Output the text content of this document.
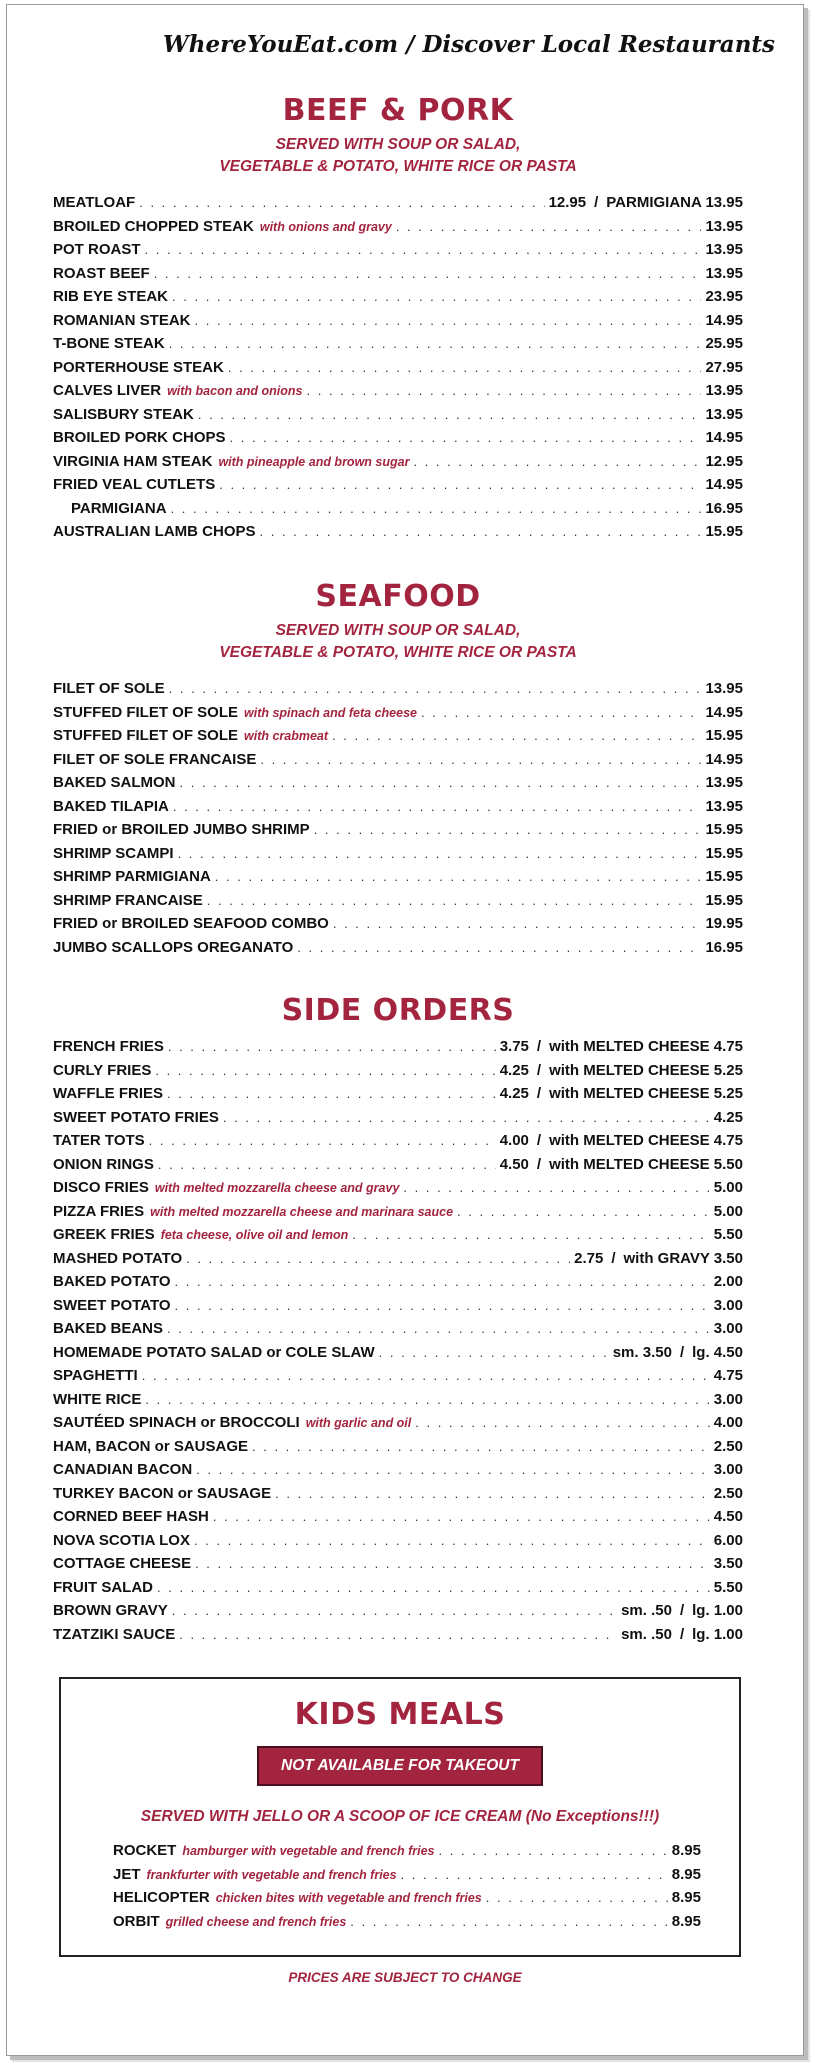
WhereYouEat.com / Discover Local Restaurants
BEEF & PORK
SERVED WITH SOUP OR SALAD,
VEGETABLE & POTATO, WHITE RICE OR PASTA
MEATLOAF . . .	12.95 / PARMIGIANA 13.95
BROILED CHOPPED STEAK with onions and gravy . . .	13.95
POT ROAST . . .	13.95
ROAST BEEF . . .	13.95
RIB EYE STEAK . . .	23.95
ROMANIAN STEAK . . .	14.95
T-BONE STEAK . . .	25.95
PORTERHOUSE STEAK . . .	27.95
CALVES LIVER with bacon and onions . . .	13.95
SALISBURY STEAK . . .	13.95
BROILED PORK CHOPS . . .	14.95
VIRGINIA HAM STEAK with pineapple and brown sugar . . .	12.95
FRIED VEAL CUTLETS . . .	14.95
PARMIGIANA . . .	16.95
AUSTRALIAN LAMB CHOPS . . .	15.95
SEAFOOD
SERVED WITH SOUP OR SALAD,
VEGETABLE & POTATO, WHITE RICE OR PASTA
FILET OF SOLE . . .	13.95
STUFFED FILET OF SOLE with spinach and feta cheese . . .	14.95
STUFFED FILET OF SOLE with crabmeat . . .	15.95
FILET OF SOLE FRANCAISE . . .	14.95
BAKED SALMON . . .	13.95
BAKED TILAPIA . . .	13.95
FRIED or BROILED JUMBO SHRIMP . . .	15.95
SHRIMP SCAMPI . . .	15.95
SHRIMP PARMIGIANA . . .	15.95
SHRIMP FRANCAISE . . .	15.95
FRIED or BROILED SEAFOOD COMBO . . .	19.95
JUMBO SCALLOPS OREGANATO . . .	16.95
SIDE ORDERS
FRENCH FRIES . . .	3.75 / with MELTED CHEESE 4.75
CURLY FRIES . . .	4.25 / with MELTED CHEESE 5.25
WAFFLE FRIES . . .	4.25 / with MELTED CHEESE 5.25
SWEET POTATO FRIES . . .	4.25
TATER TOTS . . .	4.00 / with MELTED CHEESE 4.75
ONION RINGS . . .	4.50 / with MELTED CHEESE 5.50
DISCO FRIES with melted mozzarella cheese and gravy . . .	5.00
PIZZA FRIES with melted mozzarella cheese and marinara sauce . . .	5.00
GREEK FRIES feta cheese, olive oil and lemon . . .	5.50
MASHED POTATO . . .	2.75 / with GRAVY 3.50
BAKED POTATO . . .	2.00
SWEET POTATO . . .	3.00
BAKED BEANS . . .	3.00
HOMEMADE POTATO SALAD or COLE SLAW . . .	sm. 3.50 / lg. 4.50
SPAGHETTI . . .	4.75
WHITE RICE . . .	3.00
SAUTÉED SPINACH or BROCCOLI with garlic and oil . . .	4.00
HAM, BACON or SAUSAGE . . .	2.50
CANADIAN BACON . . .	3.00
TURKEY BACON or SAUSAGE . . .	2.50
CORNED BEEF HASH . . .	4.50
NOVA SCOTIA LOX . . .	6.00
COTTAGE CHEESE . . .	3.50
FRUIT SALAD . . .	5.50
BROWN GRAVY . . .	sm. .50 / lg. 1.00
TZATZIKI SAUCE . . .	sm. .50 / lg. 1.00
KIDS MEALS
NOT AVAILABLE FOR TAKEOUT
SERVED WITH JELLO OR A SCOOP OF ICE CREAM (No Exceptions!!!)
ROCKET hamburger with vegetable and french fries . . .	8.95
JET frankfurter with vegetable and french fries . . .	8.95
HELICOPTER chicken bites with vegetable and french fries . . .	8.95
ORBIT grilled cheese and french fries . . .	8.95
PRICES ARE SUBJECT TO CHANGE
